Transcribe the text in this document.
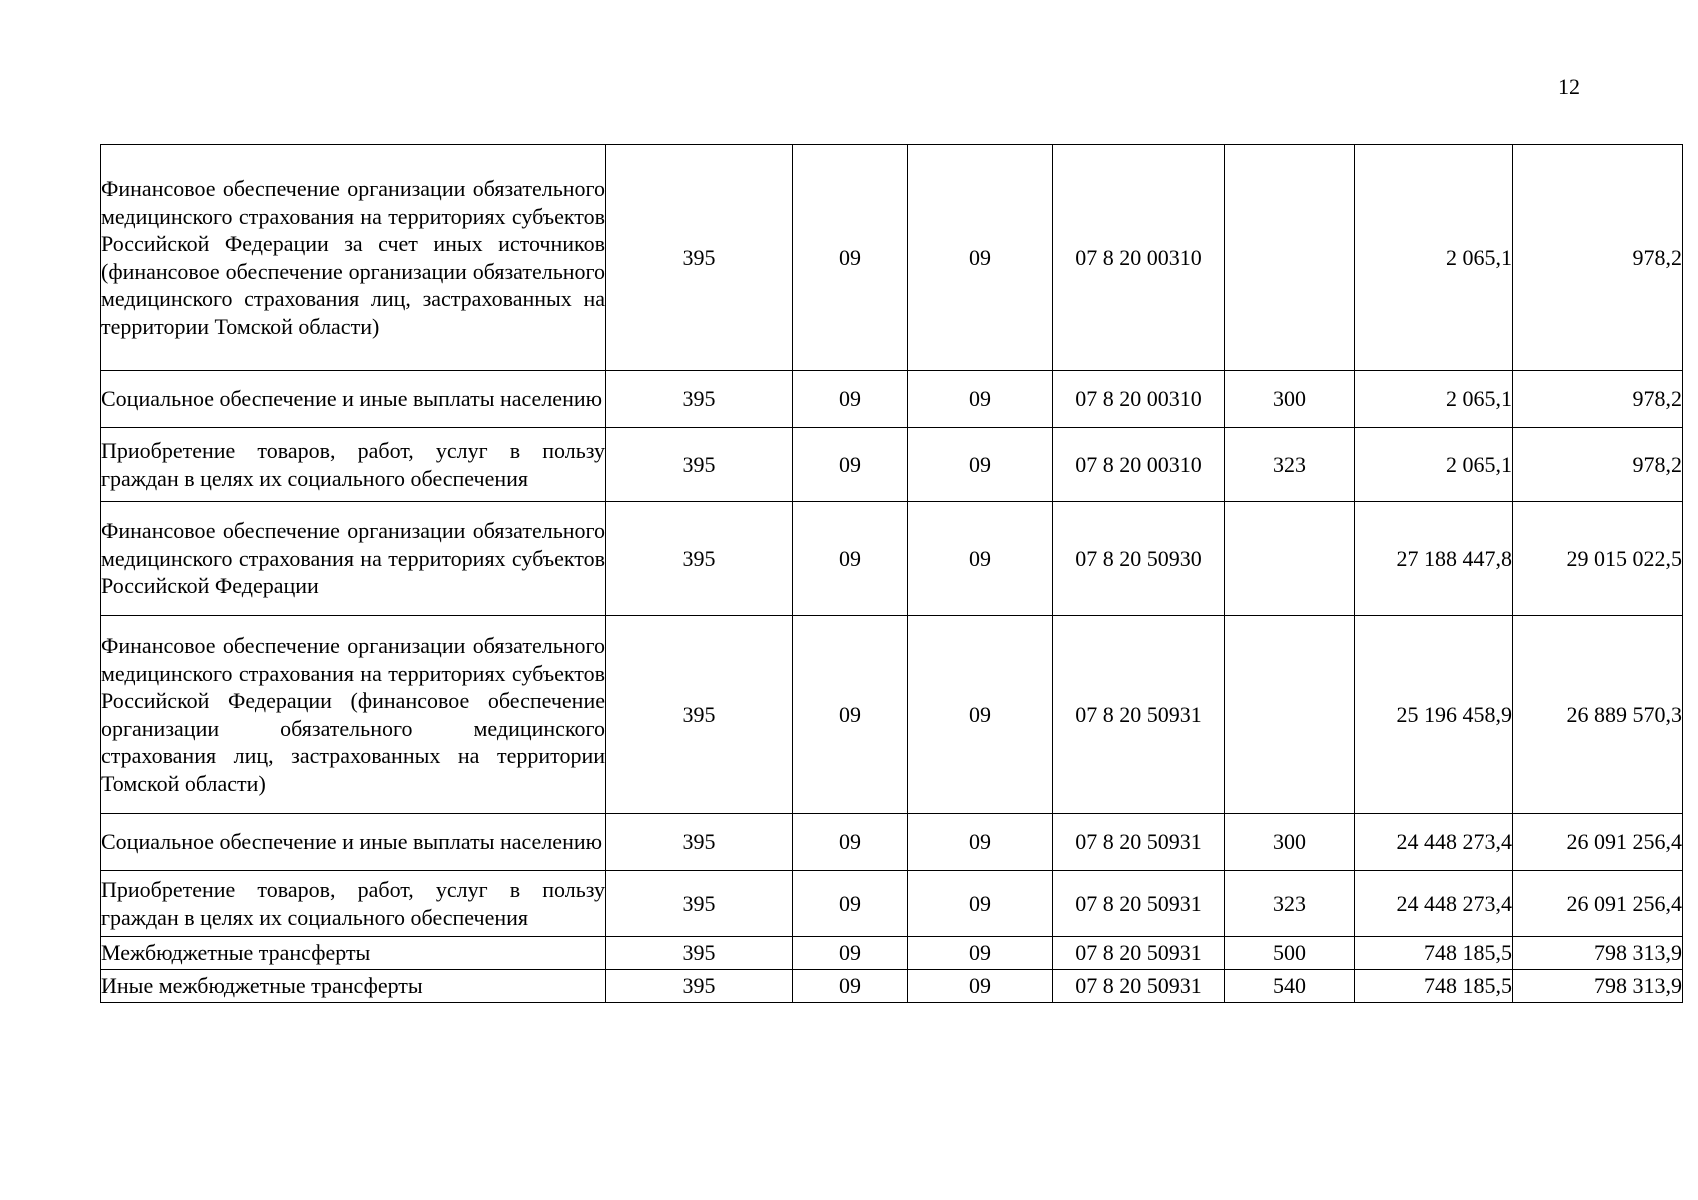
12
Финансовое обеспечение организации обязательного медицинского страхования на территориях субъектов Российской Федерации за счет иных источников (финансовое обеспечение организации обязательного медицинского страхования лиц, застрахованных на территории Томской области)	395	09	09	07 8 20 00310		2 065,1	978,2
Социальное обеспечение и иные выплаты населению	395	09	09	07 8 20 00310	300	2 065,1	978,2
Приобретение товаров, работ, услуг в пользу граждан в целях их социального обеспечения	395	09	09	07 8 20 00310	323	2 065,1	978,2
Финансовое обеспечение организации обязательного медицинского страхования на территориях субъектов Российской Федерации	395	09	09	07 8 20 50930		27 188 447,8	29 015 022,5
Финансовое обеспечение организации обязательного медицинского страхования на территориях субъектов Российской Федерации (финансовое обеспечение организации обязательного медицинского страхования лиц, застрахованных на территории Томской области)	395	09	09	07 8 20 50931		25 196 458,9	26 889 570,3
Социальное обеспечение и иные выплаты населению	395	09	09	07 8 20 50931	300	24 448 273,4	26 091 256,4
Приобретение товаров, работ, услуг в пользу граждан в целях их социального обеспечения	395	09	09	07 8 20 50931	323	24 448 273,4	26 091 256,4
Межбюджетные трансферты	395	09	09	07 8 20 50931	500	748 185,5	798 313,9
Иные межбюджетные трансферты	395	09	09	07 8 20 50931	540	748 185,5	798 313,9
